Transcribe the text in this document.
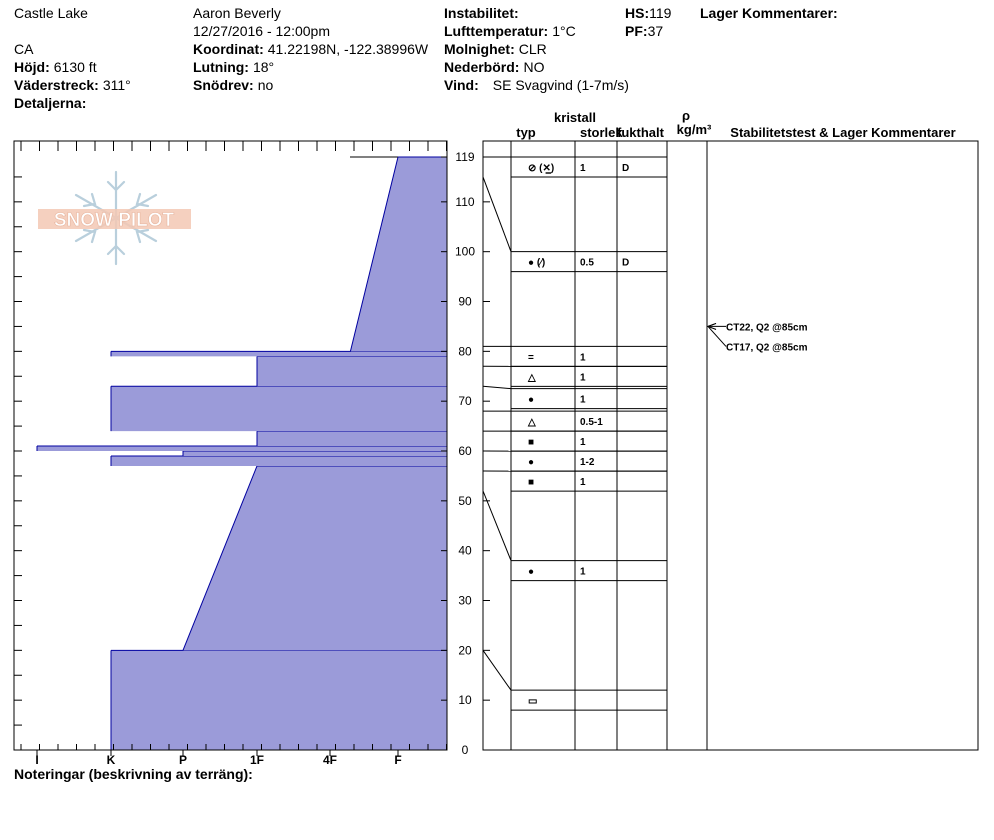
Castle Lake
CA
Höjd: 6130 ft
Väderstreck: 311°
Detaljerna:
Aaron Beverly
12/27/2016 - 12:00pm
Koordinat: 41.22198N, -122.38996W
Lutning: 18°
Snödrev: no
Instabilitet:
Lufttemperatur: 1°C
Molnighet: CLR
Nederbörd: NO
Vind: SE Svagvind (1-7m/s)
HS:119
PF:37
Lager Kommentarer:
SNOW PILOT
I	K	P	1F	4F	F
0
10
20
30
40
50
60
70
80
90
100
110
119
kristall
typ	storlek
fukthalt
ρ
kg/m³ Stabilitetstest & Lager Kommentarer
▭
●	1
■	1
●	1-2
■	1
△	0.5-1
●	1
△	1
=	1
● (⁄)	0.5	D
⊘ (✕̲)	1	D
CT22, Q2 @85cm
CT17, Q2 @85cm
Noteringar (beskrivning av terräng):
